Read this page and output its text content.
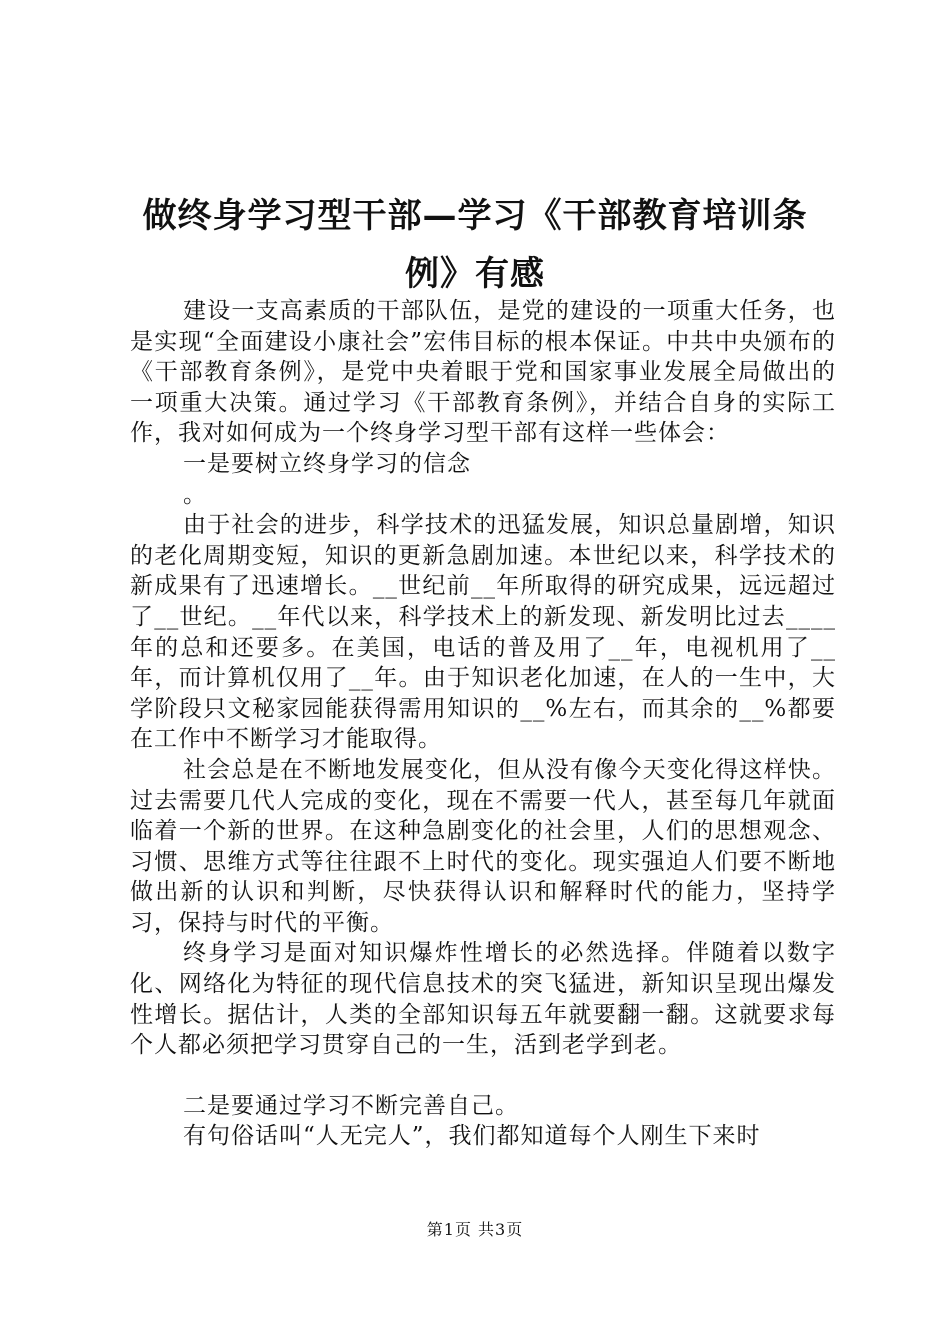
做终身学习型干部—学习《干部教育培训条
例》有感

建设一支高素质的干部队伍，是党的建设的一项重大任务，也是实现“全面建设小康社会”宏伟目标的根本保证。中共中央颁布的《干部教育条例》，是党中央着眼于党和国家事业发展全局做出的一项重大决策。通过学习《干部教育条例》，并结合自身的实际工作，我对如何成为一个终身学习型干部有这样一些体会：

一是要树立终身学习的信念

。

由于社会的进步，科学技术的迅猛发展，知识总量剧增，知识的老化周期变短，知识的更新急剧加速。本世纪以来，科学技术的新成果有了迅速增长。__世纪前__年所取得的研究成果，远远超过了__世纪。__年代以来，科学技术上的新发现、新发明比过去____年的总和还要多。在美国，电话的普及用了__年，电视机用了__年，而计算机仅用了__年。由于知识老化加速，在人的一生中，大学阶段只文秘家园能获得需用知识的__%左右，而其余的__%都要在工作中不断学习才能取得。

社会总是在不断地发展变化，但从没有像今天变化得这样快。过去需要几代人完成的变化，现在不需要一代人，甚至每几年就面临着一个新的世界。在这种急剧变化的社会里，人们的思想观念、习惯、思维方式等往往跟不上时代的变化。现实强迫人们要不断地做出新的认识和判断，尽快获得认识和解释时代的能力，坚持学习，保持与时代的平衡。

终身学习是面对知识爆炸性增长的必然选择。伴随着以数字化、网络化为特征的现代信息技术的突飞猛进，新知识呈现出爆发性增长。据估计，人类的全部知识每五年就要翻一翻。这就要求每个人都必须把学习贯穿自己的一生，活到老学到老。

二是要通过学习不断完善自己。

有句俗话叫“人无完人”，我们都知道每个人刚生下来时

第1页 共3页
